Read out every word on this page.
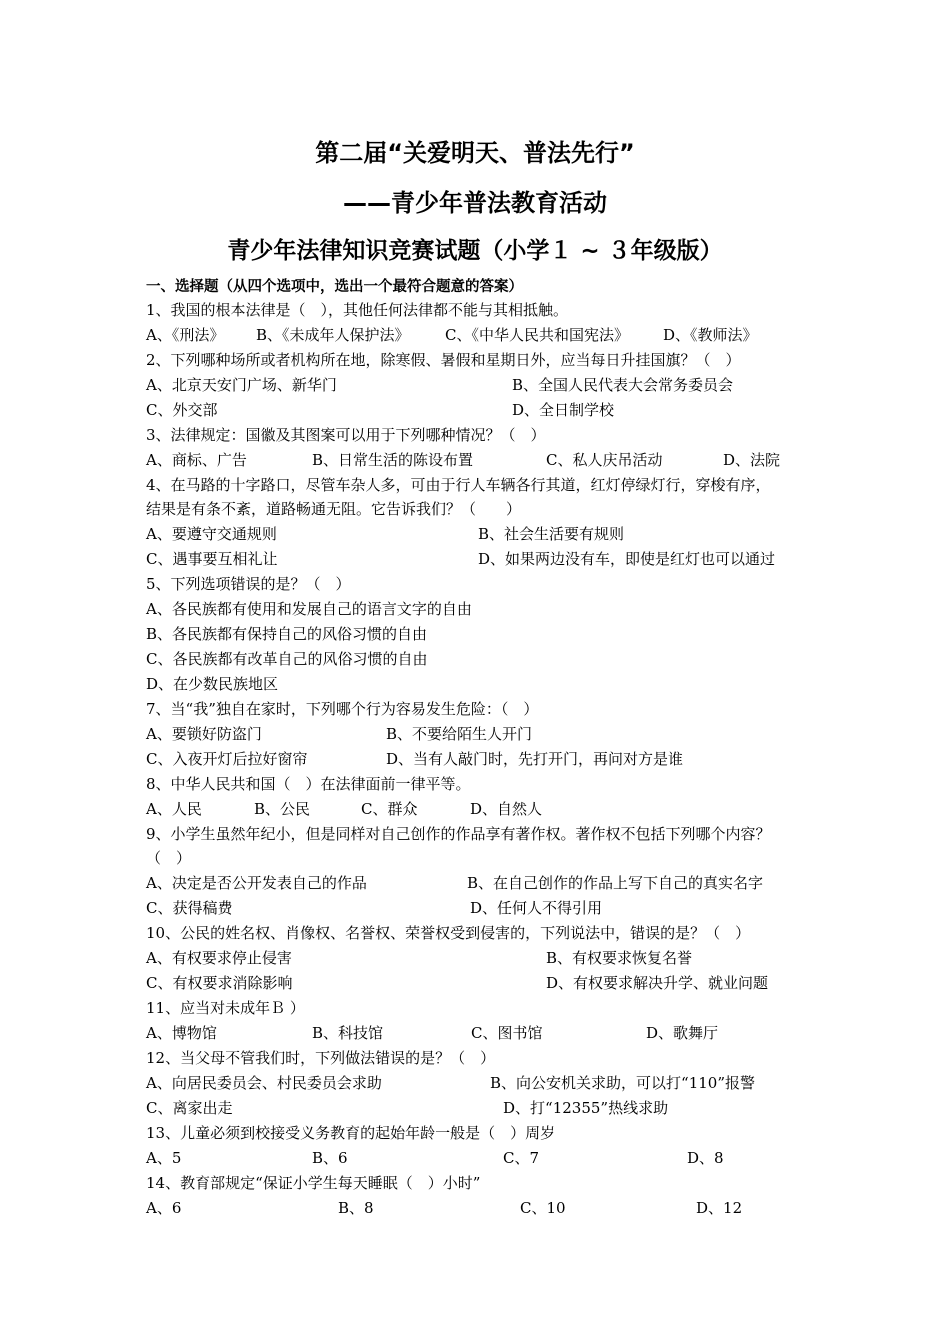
第二届“关爱明天、普法先行”
——青少年普法教育活动
青少年法律知识竞赛试题（小学１ ~ ３年级版）
一、选择题（从四个选项中，选出一个最符合题意的答案）
1、我国的根本法律是（　），其他任何法律都不能与其相抵触。
A、《刑法》 B、《未成年人保护法》 C、《中华人民共和国宪法》 D、《教师法》
2、下列哪种场所或者机构所在地，除寒假、暑假和星期日外，应当每日升挂国旗？（　）
A、北京天安门广场、新华门	B、全国人民代表大会常务委员会
C、外交部	D、全日制学校
3、法律规定：国徽及其图案可以用于下列哪种情况？（　）
A、商标、广告	B、日常生活的陈设布置	C、私人庆吊活动	D、法院
4、在马路的十字路口，尽管车杂人多，可由于行人车辆各行其道，红灯停绿灯行，穿梭有序，
结果是有条不紊，道路畅通无阻。它告诉我们？（　　）
A、要遵守交通规则	B、社会生活要有规则
C、遇事要互相礼让	D、如果两边没有车，即使是红灯也可以通过
5、下列选项错误的是？（　）
A、各民族都有使用和发展自己的语言文字的自由
B、各民族都有保持自己的风俗习惯的自由
C、各民族都有改革自己的风俗习惯的自由
D、在少数民族地区
7、当“我”独自在家时，下列哪个行为容易发生危险：（　）
A、要锁好防盗门	B、不要给陌生人开门
C、入夜开灯后拉好窗帘	D、当有人敲门时，先打开门，再问对方是谁
8、中华人民共和国（　）在法律面前一律平等。
A、人民	B、公民	C、群众	D、自然人
9、小学生虽然年纪小，但是同样对自己创作的作品享有著作权。著作权不包括下列哪个内容？
（　）
A、决定是否公开发表自己的作品	B、在自己创作的作品上写下自己的真实名字
C、获得稿费	D、任何人不得引用
10、公民的姓名权、肖像权、名誉权、荣誉权受到侵害的，下列说法中，错误的是？（　）
A、有权要求停止侵害	B、有权要求恢复名誉
C、有权要求消除影响	D、有权要求解决升学、就业问题
11、应当对未成年Ｂ ）
A、博物馆	B、科技馆	C、图书馆	D、歌舞厅
12、当父母不管我们时，下列做法错误的是？（　）
A、向居民委员会、村民委员会求助	B、向公安机关求助，可以打“110”报警
C、离家出走	D、打“12355”热线求助
13、儿童必须到校接受义务教育的起始年龄一般是（　）周岁
A、5	B、6	C、7	D、8
14、教育部规定“保证小学生每天睡眠（　）小时”
A、6	B、8	C、10	D、12
